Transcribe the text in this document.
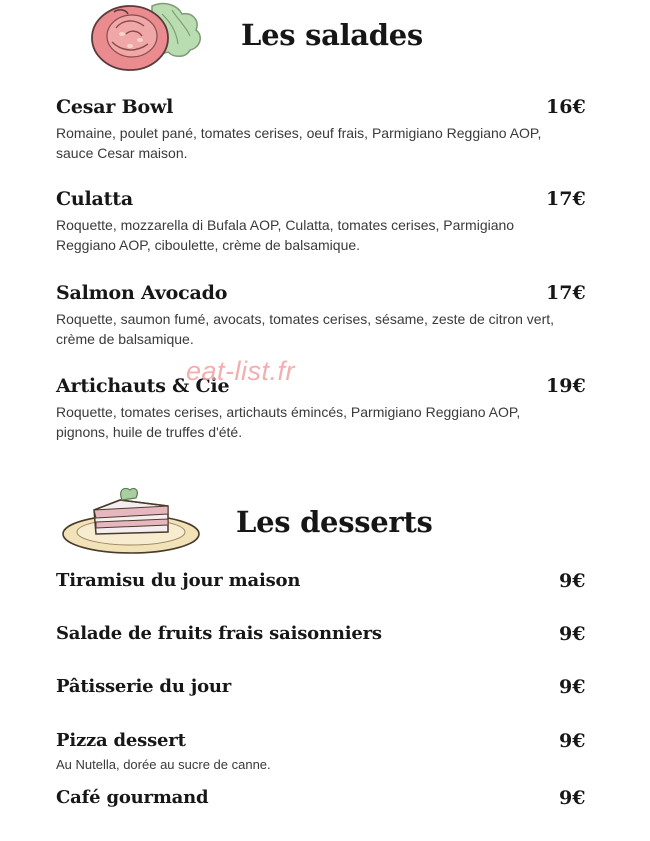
Les salades
Cesar Bowl	16€
Romaine, poulet pané, tomates cerises, oeuf frais, Parmigiano Reggiano AOP, sauce Cesar maison.
Culatta	17€
Roquette, mozzarella di Bufala AOP, Culatta, tomates cerises, Parmigiano Reggiano AOP, ciboulette, crème de balsamique.
Salmon Avocado	17€
Roquette, saumon fumé, avocats, tomates cerises, sésame, zeste de citron vert, crème de balsamique.
Artichauts & Cie	19€
Roquette, tomates cerises, artichauts émincés, Parmigiano Reggiano AOP, pignons, huile de truffes d'été.
eat-list.fr
Les desserts
Tiramisu du jour maison	9€
Salade de fruits frais saisonniers	9€
Pâtisserie du jour	9€
Pizza dessert	9€
Au Nutella, dorée au sucre de canne.
Café gourmand	9€
